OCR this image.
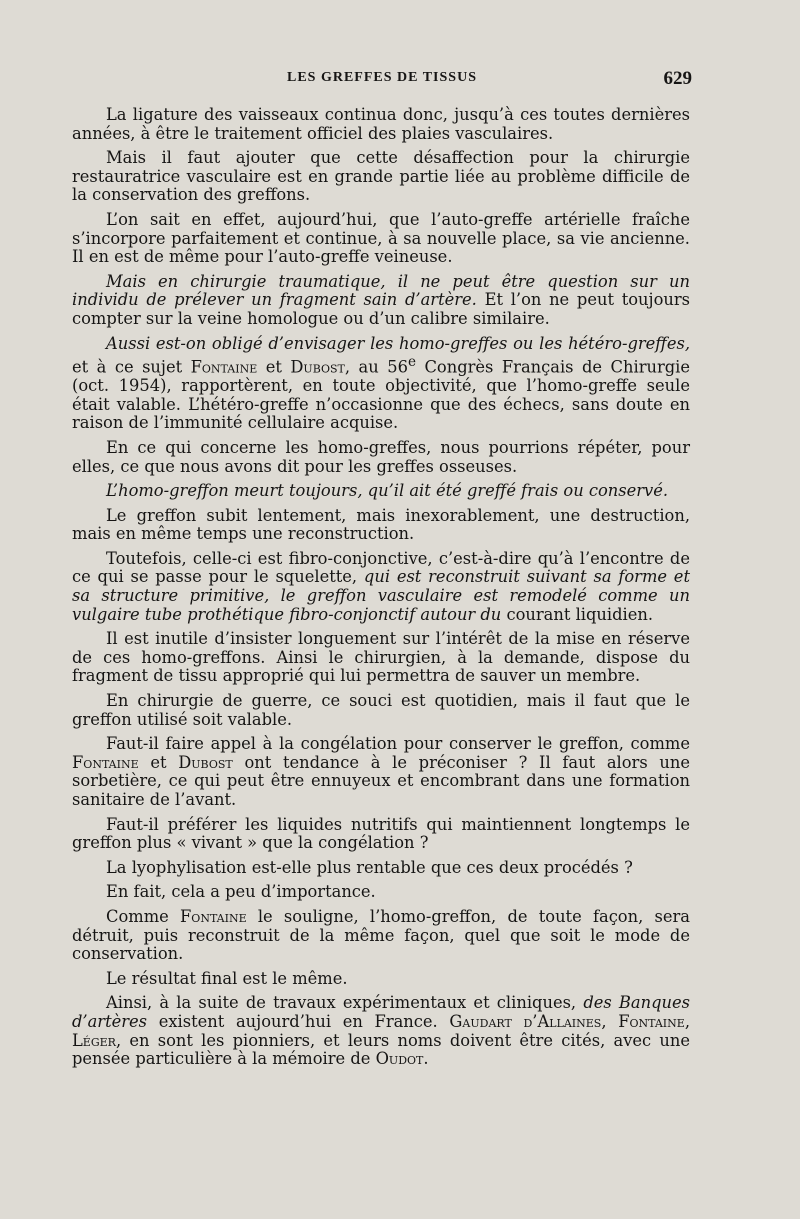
LES GREFFES DE TISSUS	629

La ligature des vaisseaux continua donc, jusqu’à ces toutes dernières années, à être le traitement officiel des plaies vasculaires.

Mais il faut ajouter que cette désaffection pour la chirurgie restauratrice vasculaire est en grande partie liée au problème difficile de la conservation des greffons.

L’on sait en effet, aujourd’hui, que l’auto-greffe artérielle fraîche s’incorpore parfaitement et continue, à sa nouvelle place, sa vie ancienne. Il en est de même pour l’auto-greffe veineuse.

Mais en chirurgie traumatique, il ne peut être question sur un individu de prélever un fragment sain d’artère. Et l’on ne peut toujours compter sur la veine homologue ou d’un calibre similaire.

Aussi est-on obligé d’envisager les homo-greffes ou les hétéro-greffes, et à ce sujet Fontaine et Dubost, au 56e Congrès Français de Chirurgie (oct. 1954), rapportèrent, en toute objectivité, que l’homo-greffe seule était valable. L’hétéro-greffe n’occasionne que des échecs, sans doute en raison de l’immunité cellulaire acquise.

En ce qui concerne les homo-greffes, nous pourrions répéter, pour elles, ce que nous avons dit pour les greffes osseuses.

L’homo-greffon meurt toujours, qu’il ait été greffé frais ou conservé.

Le greffon subit lentement, mais inexorablement, une destruction, mais en même temps une reconstruction.

Toutefois, celle-ci est fibro-conjonctive, c’est-à-dire qu’à l’encontre de ce qui se passe pour le squelette, qui est reconstruit suivant sa forme et sa structure primitive, le greffon vasculaire est remodelé comme un vulgaire tube prothétique fibro-conjonctif autour du courant liquidien.

Il est inutile d’insister longuement sur l’intérêt de la mise en réserve de ces homo-greffons. Ainsi le chirurgien, à la demande, dispose du fragment de tissu approprié qui lui permettra de sauver un membre.

En chirurgie de guerre, ce souci est quotidien, mais il faut que le greffon utilisé soit valable.

Faut-il faire appel à la congélation pour conserver le greffon, comme Fontaine et Dubost ont tendance à le préconiser ? Il faut alors une sorbetière, ce qui peut être ennuyeux et encombrant dans une formation sanitaire de l’avant.

Faut-il préférer les liquides nutritifs qui maintiennent longtemps le greffon plus « vivant » que la congélation ?

La lyophylisation est-elle plus rentable que ces deux procédés ?

En fait, cela a peu d’importance.

Comme Fontaine le souligne, l’homo-greffon, de toute façon, sera détruit, puis reconstruit de la même façon, quel que soit le mode de conservation.

Le résultat final est le même.

Ainsi, à la suite de travaux expérimentaux et cliniques, des Banques d’artères existent aujourd’hui en France. Gaudart d’Allaines, Fontaine, Léger, en sont les pionniers, et leurs noms doivent être cités, avec une pensée particulière à la mémoire de Oudot.
